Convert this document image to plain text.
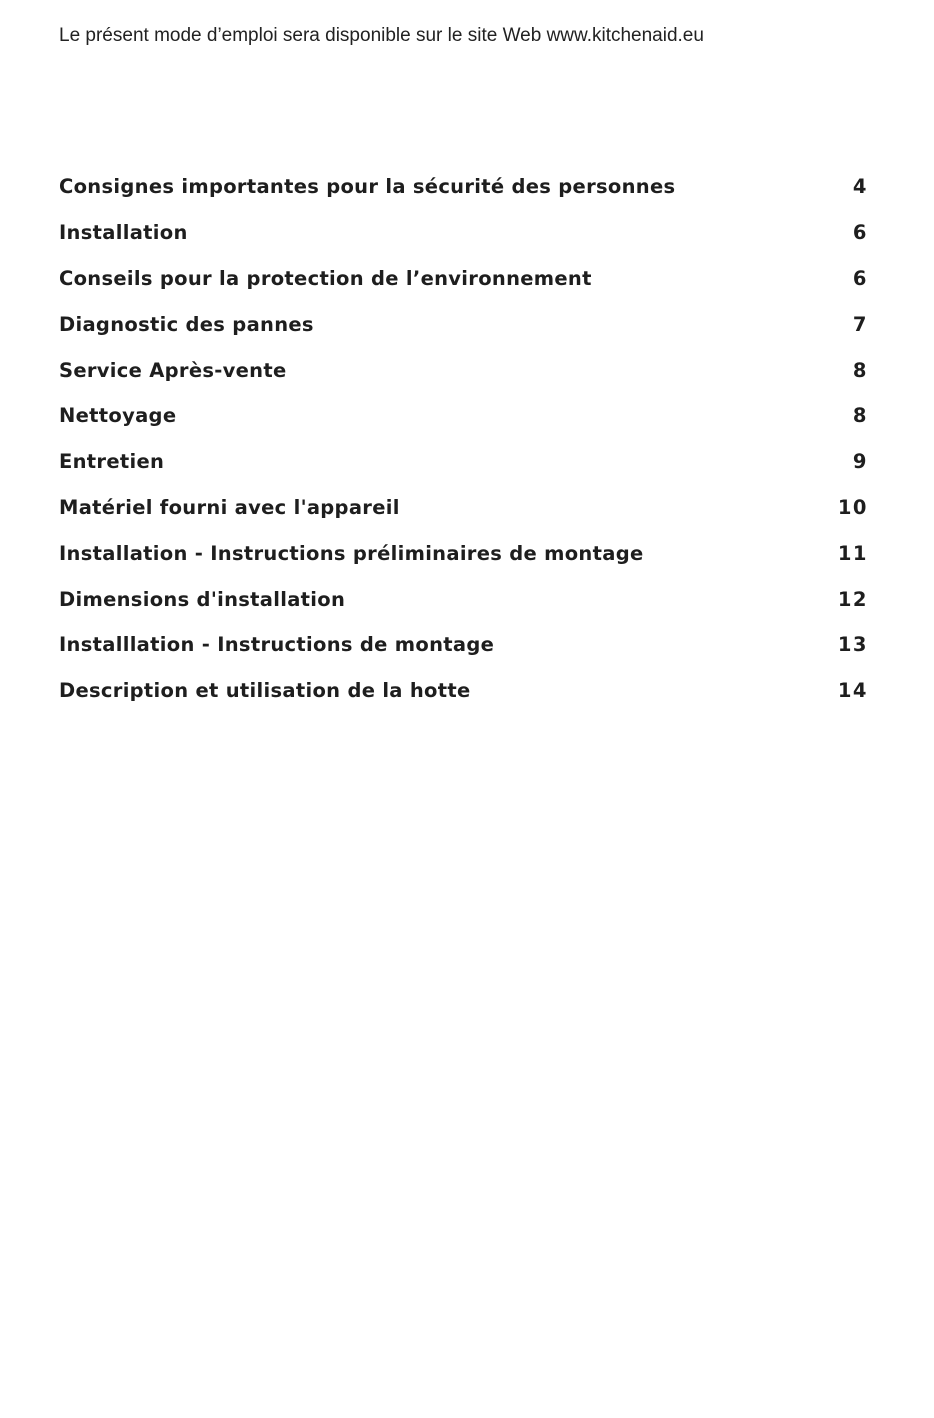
Le présent mode d’emploi sera disponible sur le site Web www.kitchenaid.eu
Consignes importantes pour la sécurité des personnes	4
Installation	6
Conseils pour la protection de l’environnement	6
Diagnostic des pannes	7
Service Après-vente	8
Nettoyage	8
Entretien	9
Matériel fourni avec l'appareil	10
Installation - Instructions préliminaires de montage	11
Dimensions d'installation	12
Installlation - Instructions de montage	13
Description et utilisation de la hotte	14
